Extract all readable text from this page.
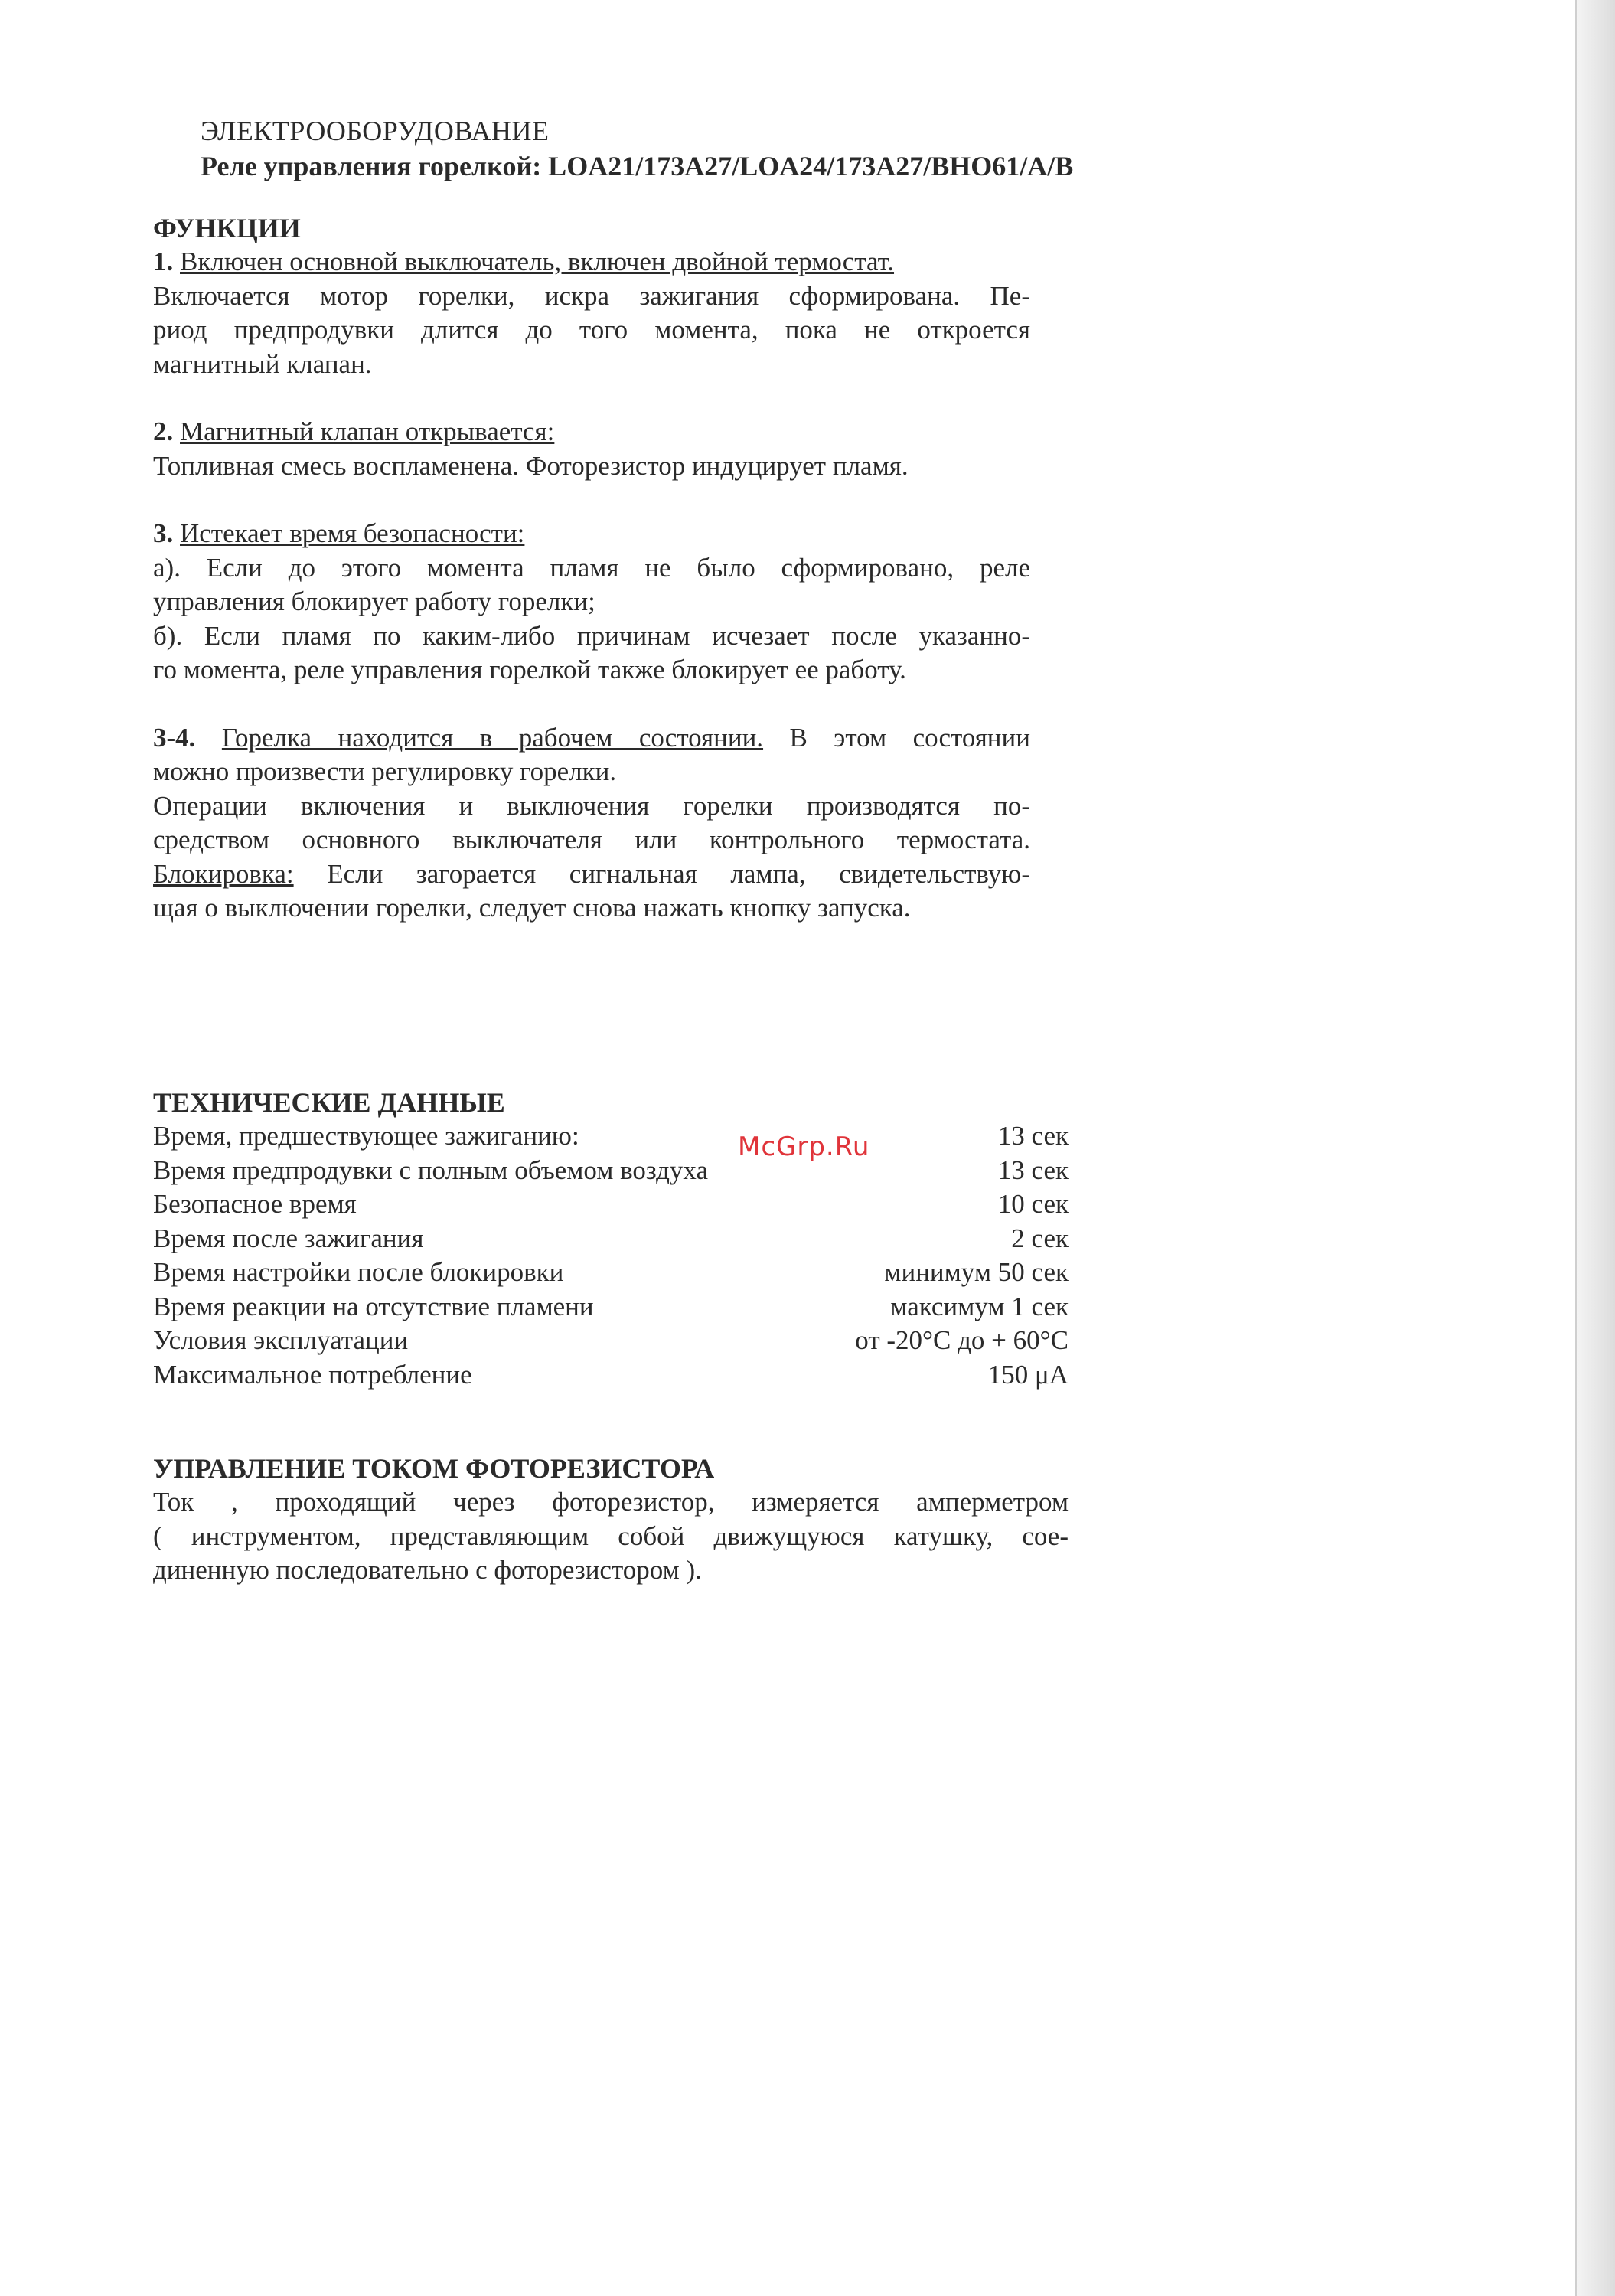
ЭЛЕКТРООБОРУДОВАНИЕ
Реле управления горелкой: LOA21/173A27/LOA24/173A27/BHO61/A/B
ФУНКЦИИ

1. Включен основной выключатель, включен двойной термостат.

Включается мотор горелки, искра зажигания сформирована. Пе-

риод предпродувки длится до того момента, пока не откроется

магнитный клапан.

2. Магнитный клапан открывается:

Топливная смесь воспламенена. Фоторезистор индуцирует пламя.

3. Истекает время безопасности:

а). Если до этого момента пламя не было сформировано, реле

управления блокирует работу горелки;

б). Если пламя по каким-либо причинам исчезает после указанно-

го момента, реле управления горелкой также блокирует ее работу.

3-4. Горелка находится в рабочем состоянии. В этом состоянии

можно произвести регулировку горелки.

Операции включения и выключения горелки производятся по-

средством основного выключателя или контрольного термостата.

Блокировка: Если загорается сигнальная лампа, свидетельствую-

щая о выключении горелки, следует снова нажать кнопку запуска.

ТЕХНИЧЕСКИЕ ДАННЫЕ
Время, предшествующее зажиганию:	13 сек
Время предпродувки с полным объемом воздуха	13 сек
Безопасное время	10 сек
Время после зажигания	2 сек
Время настройки после блокировки	минимум 50 сек
Время реакции на отсутствие пламени	максимум 1 сек
Условия эксплуатации	от -20°С до + 60°С
Максимальное потребление	150 μА
УПРАВЛЕНИЕ ТОКОМ ФОТОРЕЗИСТОРА

Ток , проходящий через фоторезистор, измеряется амперметром

( инструментом, представляющим собой движущуюся катушку, сое-

диненную последовательно с фоторезистором ).

McGrp.Ru
